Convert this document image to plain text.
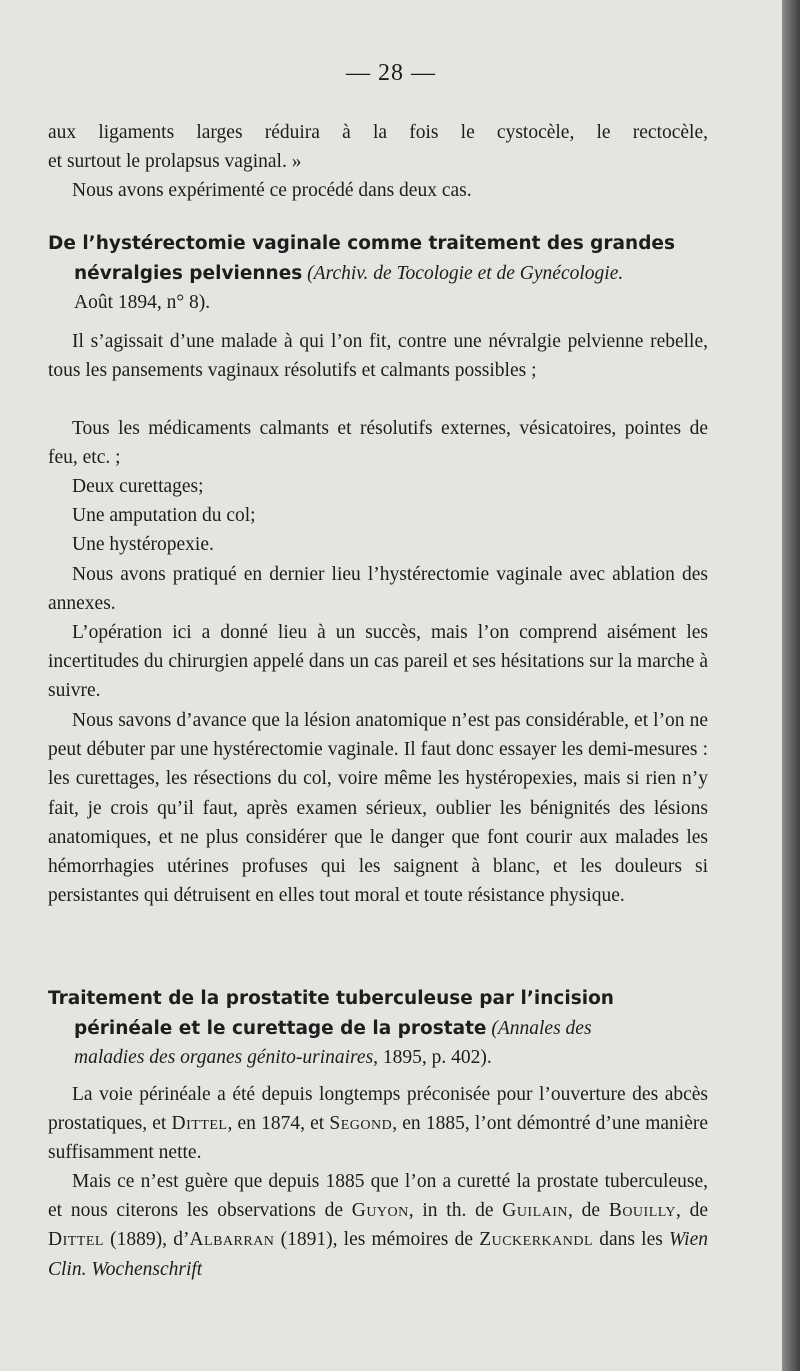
— 28 —

aux ligaments larges réduira à la fois le cystocèle, le rectocèle,
et surtout le prolapsus vaginal. »

Nous avons expérimenté ce procédé dans deux cas.

De l’hystérectomie vaginale comme traitement des grandes
névralgies pelviennes (Archiv. de Tocologie et de Gynécologie.
Août 1894, n° 8).

Il s’agissait d’une malade à qui l’on fit, contre une névralgie pelvienne rebelle, tous les pansements vaginaux résolutifs et calmants possibles ;

Tous les médicaments calmants et résolutifs externes, vésicatoires, pointes de feu, etc. ;

Deux curettages;
Une amputation du col;
Une hystéropexie.

Nous avons pratiqué en dernier lieu l’hystérectomie vaginale avec ablation des annexes.

L’opération ici a donné lieu à un succès, mais l’on comprend aisément les incertitudes du chirurgien appelé dans un cas pareil et ses hésitations sur la marche à suivre.

Nous savons d’avance que la lésion anatomique n’est pas considérable, et l’on ne peut débuter par une hystérectomie vaginale. Il faut donc essayer les demi-mesures : les curettages, les résections du col, voire même les hystéropexies, mais si rien n’y fait, je crois qu’il faut, après examen sérieux, oublier les bénignités des lésions anatomiques, et ne plus considérer que le danger que font courir aux malades les hémorrhagies utérines profuses qui les saignent à blanc, et les douleurs si persistantes qui détruisent en elles tout moral et toute résistance physique.

Traitement de la prostatite tuberculeuse par l’incision
périnéale et le curettage de la prostate (Annales des
maladies des organes génito-urinaires, 1895, p. 402).

La voie périnéale a été depuis longtemps préconisée pour l’ouverture des abcès prostatiques, et Dittel, en 1874, et Segond, en 1885, l’ont démontré d’une manière suffisamment nette.

Mais ce n’est guère que depuis 1885 que l’on a curetté la prostate tuberculeuse, et nous citerons les observations de Guyon, in th. de Guilain, de Bouilly, de Dittel (1889), d’Albarran (1891), les mémoires de Zuckerkandl dans les Wien Clin. Wochenschrift
